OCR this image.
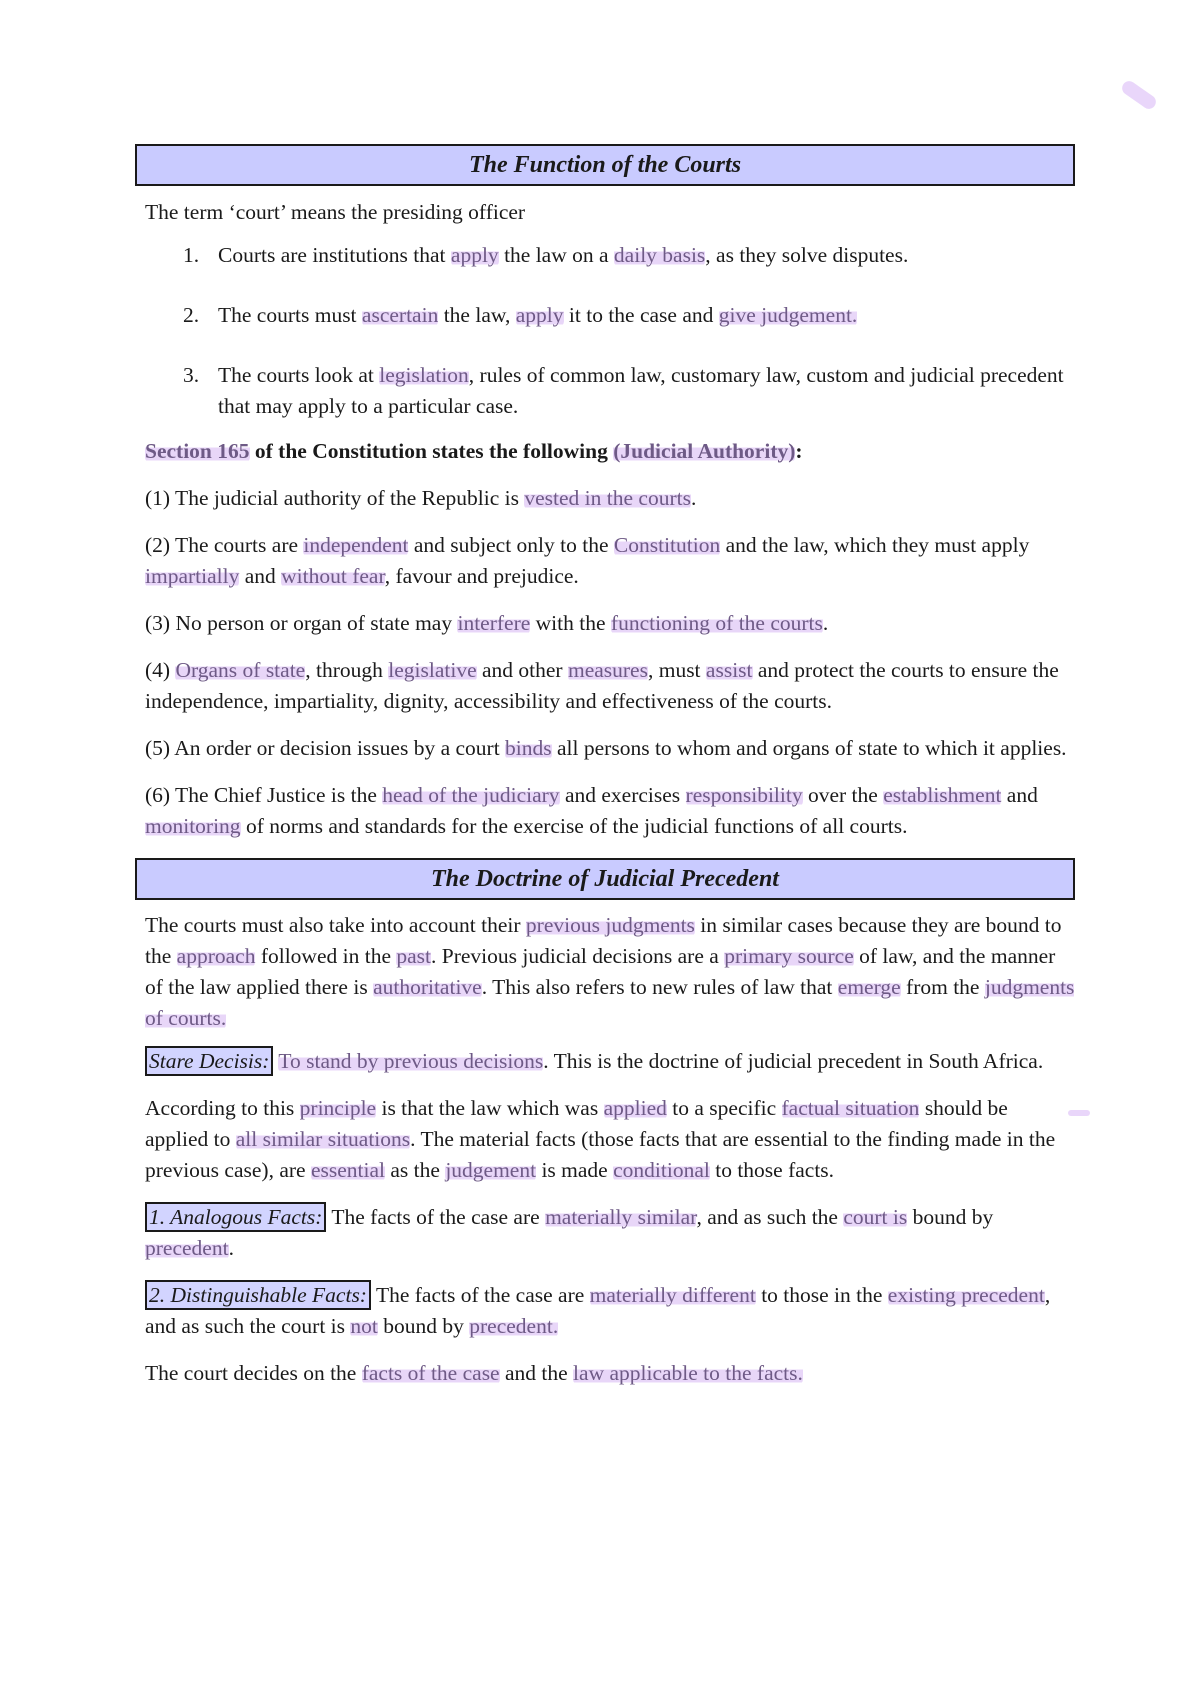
The Function of the Courts

The term ‘court’ means the presiding officer

1. Courts are institutions that apply the law on a daily basis, as they solve disputes.
2. The courts must ascertain the law, apply it to the case and give judgement.
3. The courts look at legislation, rules of common law, customary law, custom and judicial precedent that may apply to a particular case.

Section 165 of the Constitution states the following (Judicial Authority):

(1) The judicial authority of the Republic is vested in the courts.

(2) The courts are independent and subject only to the Constitution and the law, which they must apply impartially and without fear, favour and prejudice.

(3) No person or organ of state may interfere with the functioning of the courts.

(4) Organs of state, through legislative and other measures, must assist and protect the courts to ensure the independence, impartiality, dignity, accessibility and effectiveness of the courts.

(5) An order or decision issues by a court binds all persons to whom and organs of state to which it applies.

(6) The Chief Justice is the head of the judiciary and exercises responsibility over the establishment and monitoring of norms and standards for the exercise of the judicial functions of all courts.

The Doctrine of Judicial Precedent

The courts must also take into account their previous judgments in similar cases because they are bound to the approach followed in the past. Previous judicial decisions are a primary source of law, and the manner of the law applied there is authoritative. This also refers to new rules of law that emerge from the judgments of courts.

Stare Decisis: To stand by previous decisions. This is the doctrine of judicial precedent in South Africa.

According to this principle is that the law which was applied to a specific factual situation should be applied to all similar situations. The material facts (those facts that are essential to the finding made in the previous case), are essential as the judgement is made conditional to those facts.

1. Analogous Facts: The facts of the case are materially similar, and as such the court is bound by precedent.

2. Distinguishable Facts: The facts of the case are materially different to those in the existing precedent, and as such the court is not bound by precedent.

The court decides on the facts of the case and the law applicable to the facts.
